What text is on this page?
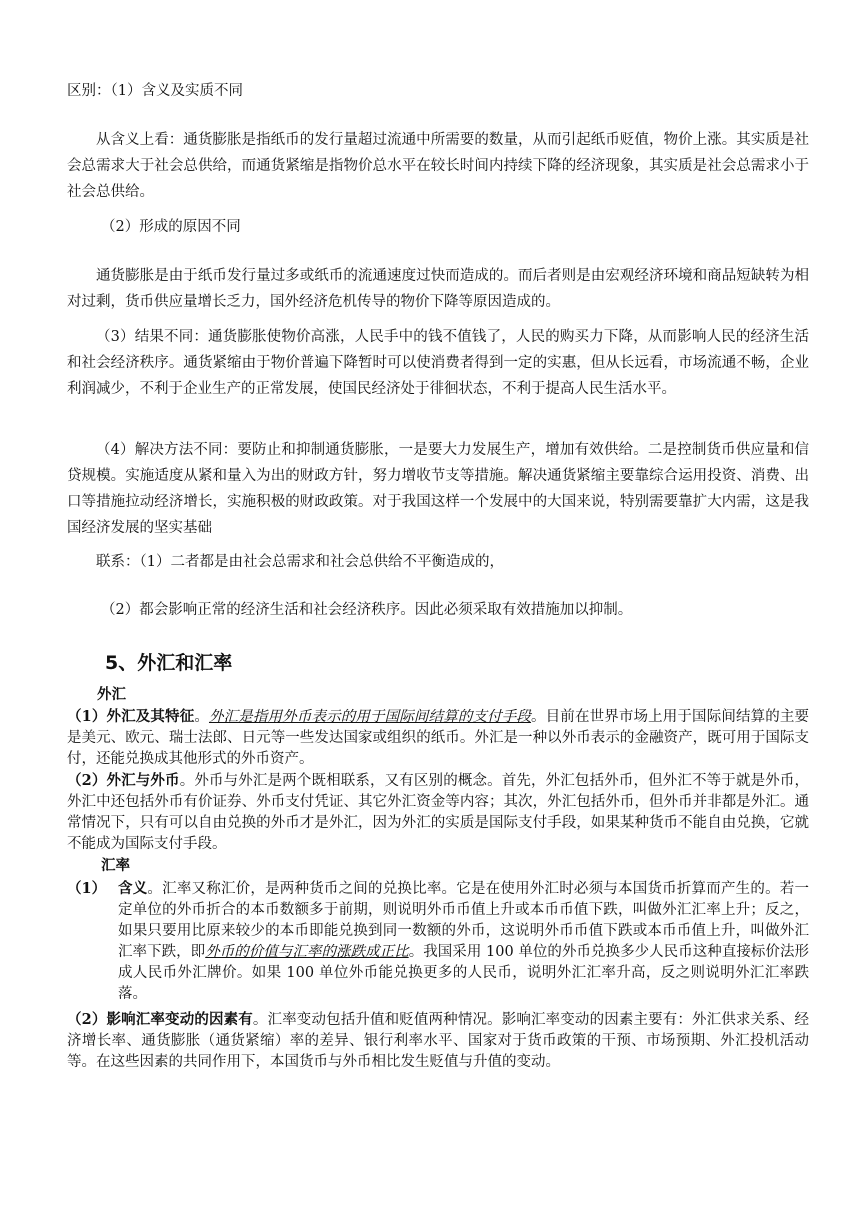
区别：（1）含义及实质不同

从含义上看：通货膨胀是指纸币的发行量超过流通中所需要的数量，从而引起纸币贬值，物价上涨。其实质是社会总需求大于社会总供给，而通货紧缩是指物价总水平在较长时间内持续下降的经济现象，其实质是社会总需求小于社会总供给。

（2）形成的原因不同

通货膨胀是由于纸币发行量过多或纸币的流通速度过快而造成的。而后者则是由宏观经济环境和商品短缺转为相对过剩，货币供应量增长乏力，国外经济危机传导的物价下降等原因造成的。

（3）结果不同：通货膨胀使物价高涨，人民手中的钱不值钱了，人民的购买力下降，从而影响人民的经济生活和社会经济秩序。通货紧缩由于物价普遍下降暂时可以使消费者得到一定的实惠，但从长远看，市场流通不畅，企业利润减少，不利于企业生产的正常发展，使国民经济处于徘徊状态，不利于提高人民生活水平。

（4）解决方法不同：要防止和抑制通货膨胀，一是要大力发展生产，增加有效供给。二是控制货币供应量和信贷规模。实施适度从紧和量入为出的财政方针，努力增收节支等措施。解决通货紧缩主要靠综合运用投资、消费、出口等措施拉动经济增长，实施积极的财政政策。对于我国这样一个发展中的大国来说，特别需要靠扩大内需，这是我国经济发展的坚实基础

联系：（1）二者都是由社会总需求和社会总供给不平衡造成的，

（2）都会影响正常的经济生活和社会经济秩序。因此必须采取有效措施加以抑制。

5、外汇和汇率

外汇

（1）外汇及其特征。外汇是指用外币表示的用于国际间结算的支付手段。目前在世界市场上用于国际间结算的主要是美元、欧元、瑞士法郎、日元等一些发达国家或组织的纸币。外汇是一种以外币表示的金融资产，既可用于国际支付，还能兑换成其他形式的外币资产。

（2）外汇与外币。外币与外汇是两个既相联系，又有区别的概念。首先，外汇包括外币，但外汇不等于就是外币，外汇中还包括外币有价证券、外币支付凭证、其它外汇资金等内容；其次，外汇包括外币，但外币并非都是外汇。通常情况下，只有可以自由兑换的外币才是外汇，因为外汇的实质是国际支付手段，如果某种货币不能自由兑换，它就不能成为国际支付手段。

汇率

（1） 含义。汇率又称汇价，是两种货币之间的兑换比率。它是在使用外汇时必须与本国货币折算而产生的。若一定单位的外币折合的本币数额多于前期，则说明外币币值上升或本币币值下跌，叫做外汇汇率上升；反之，如果只要用比原来较少的本币即能兑换到同一数额的外币，这说明外币币值下跌或本币币值上升，叫做外汇汇率下跌，即外币的价值与汇率的涨跌成正比。我国采用 100 单位的外币兑换多少人民币这种直接标价法形成人民币外汇牌价。如果 100 单位外币能兑换更多的人民币，说明外汇汇率升高，反之则说明外汇汇率跌落。

（2）影响汇率变动的因素有。汇率变动包括升值和贬值两种情况。影响汇率变动的因素主要有：外汇供求关系、经济增长率、通货膨胀（通货紧缩）率的差异、银行利率水平、国家对于货币政策的干预、市场预期、外汇投机活动等。在这些因素的共同作用下，本国货币与外币相比发生贬值与升值的变动。
